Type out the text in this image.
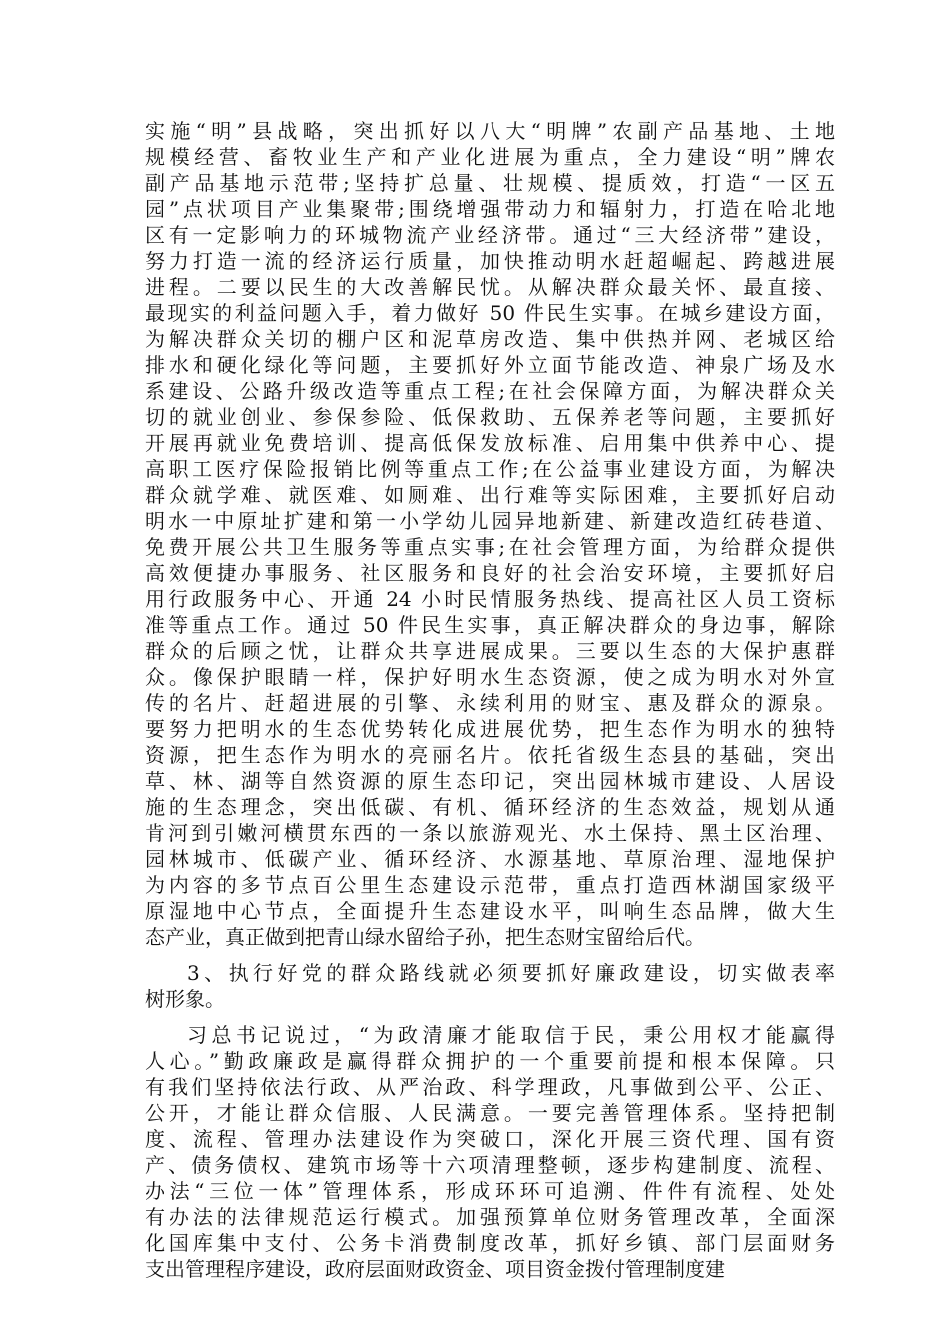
实施“明”县战略，突出抓好以八大“明牌”农副产品基地、土地
规模经营、畜牧业生产和产业化进展为重点，全力建设“明”牌农
副产品基地示范带;坚持扩总量、壮规模、提质效，打造“一区五
园”点状项目产业集聚带;围绕增强带动力和辐射力，打造在哈北地
区有一定影响力的环城物流产业经济带。通过“三大经济带”建设，
努力打造一流的经济运行质量，加快推动明水赶超崛起、跨越进展
进程。二要以民生的大改善解民忧。从解决群众最关怀、最直接、
最现实的利益问题入手，着力做好 50 件民生实事。在城乡建设方面，
为解决群众关切的棚户区和泥草房改造、集中供热并网、老城区给
排水和硬化绿化等问题，主要抓好外立面节能改造、神泉广场及水
系建设、公路升级改造等重点工程;在社会保障方面，为解决群众关
切的就业创业、参保参险、低保救助、五保养老等问题，主要抓好
开展再就业免费培训、提高低保发放标准、启用集中供养中心、提
高职工医疗保险报销比例等重点工作;在公益事业建设方面，为解决
群众就学难、就医难、如厕难、出行难等实际困难，主要抓好启动
明水一中原址扩建和第一小学幼儿园异地新建、新建改造红砖巷道、
免费开展公共卫生服务等重点实事;在社会管理方面，为给群众提供
高效便捷办事服务、社区服务和良好的社会治安环境，主要抓好启
用行政服务中心、开通 24 小时民情服务热线、提高社区人员工资标
准等重点工作。通过 50 件民生实事，真正解决群众的身边事，解除
群众的后顾之忧，让群众共享进展成果。三要以生态的大保护惠群
众。像保护眼睛一样，保护好明水生态资源，使之成为明水对外宣
传的名片、赶超进展的引擎、永续利用的财宝、惠及群众的源泉。
要努力把明水的生态优势转化成进展优势，把生态作为明水的独特
资源，把生态作为明水的亮丽名片。依托省级生态县的基础，突出
草、林、湖等自然资源的原生态印记，突出园林城市建设、人居设
施的生态理念，突出低碳、有机、循环经济的生态效益，规划从通
肯河到引嫩河横贯东西的一条以旅游观光、水土保持、黑土区治理、
园林城市、低碳产业、循环经济、水源基地、草原治理、湿地保护
为内容的多节点百公里生态建设示范带，重点打造西林湖国家级平
原湿地中心节点，全面提升生态建设水平，叫响生态品牌，做大生
态产业，真正做到把青山绿水留给子孙，把生态财宝留给后代。
3、执行好党的群众路线就必须要抓好廉政建设，切实做表率
树形象。
习总书记说过，“为政清廉才能取信于民，秉公用权才能赢得
人心。”勤政廉政是赢得群众拥护的一个重要前提和根本保障。只
有我们坚持依法行政、从严治政、科学理政，凡事做到公平、公正、
公开，才能让群众信服、人民满意。一要完善管理体系。坚持把制
度、流程、管理办法建设作为突破口，深化开展三资代理、国有资
产、债务债权、建筑市场等十六项清理整顿，逐步构建制度、流程、
办法“三位一体”管理体系，形成环环可追溯、件件有流程、处处
有办法的法律规范运行模式。加强预算单位财务管理改革，全面深
化国库集中支付、公务卡消费制度改革，抓好乡镇、部门层面财务
支出管理程序建设，政府层面财政资金、项目资金拨付管理制度建
